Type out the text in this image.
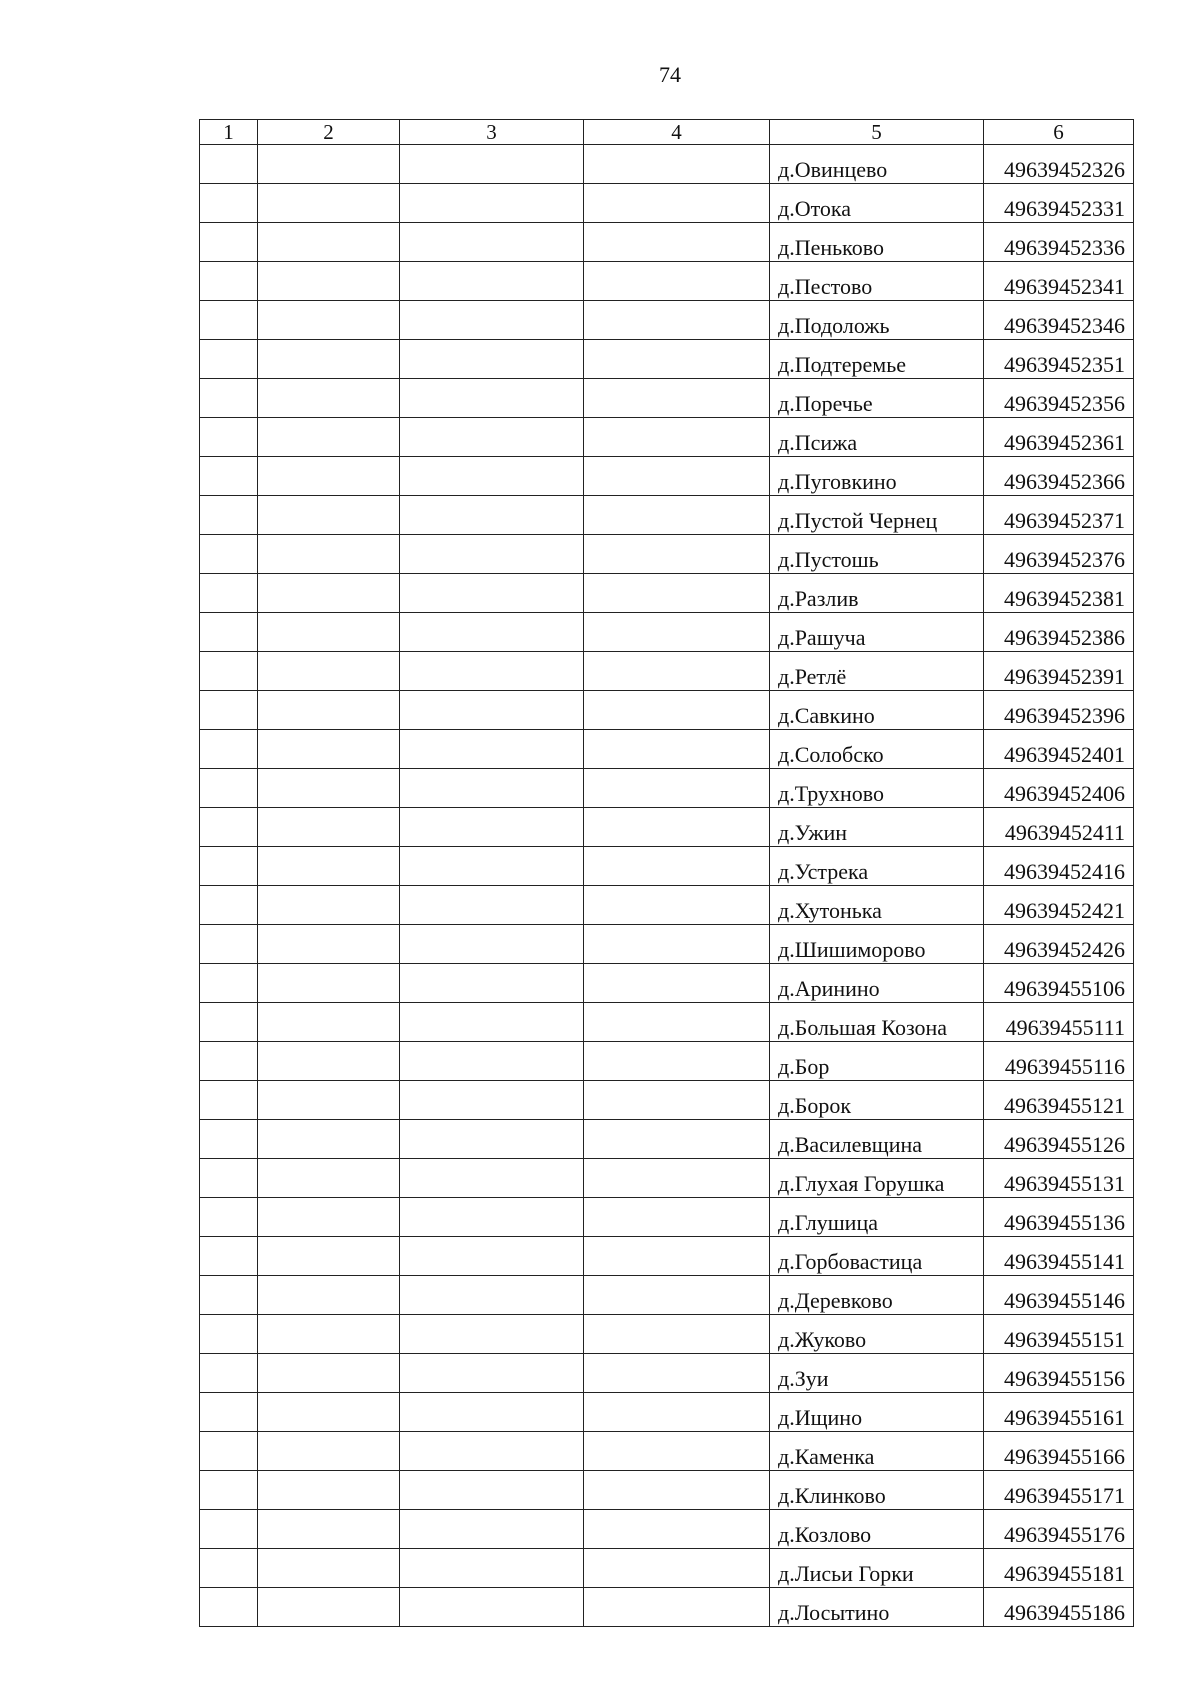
74
1	2	3	4	5	6
				д.Овинцево	49639452326
				д.Отока	49639452331
				д.Пеньково	49639452336
				д.Пестово	49639452341
				д.Подоложь	49639452346
				д.Подтеремье	49639452351
				д.Поречье	49639452356
				д.Псижа	49639452361
				д.Пуговкино	49639452366
				д.Пустой Чернец	49639452371
				д.Пустошь	49639452376
				д.Разлив	49639452381
				д.Рашуча	49639452386
				д.Ретлё	49639452391
				д.Савкино	49639452396
				д.Солобско	49639452401
				д.Трухново	49639452406
				д.Ужин	49639452411
				д.Устрека	49639452416
				д.Хутонька	49639452421
				д.Шишиморово	49639452426
				д.Аринино	49639455106
				д.Большая Козона	49639455111
				д.Бор	49639455116
				д.Борок	49639455121
				д.Василевщина	49639455126
				д.Глухая Горушка	49639455131
				д.Глушица	49639455136
				д.Горбовастица	49639455141
				д.Деревково	49639455146
				д.Жуково	49639455151
				д.Зуи	49639455156
				д.Ищино	49639455161
				д.Каменка	49639455166
				д.Клинково	49639455171
				д.Козлово	49639455176
				д.Лисьи Горки	49639455181
				д.Лосытино	49639455186
